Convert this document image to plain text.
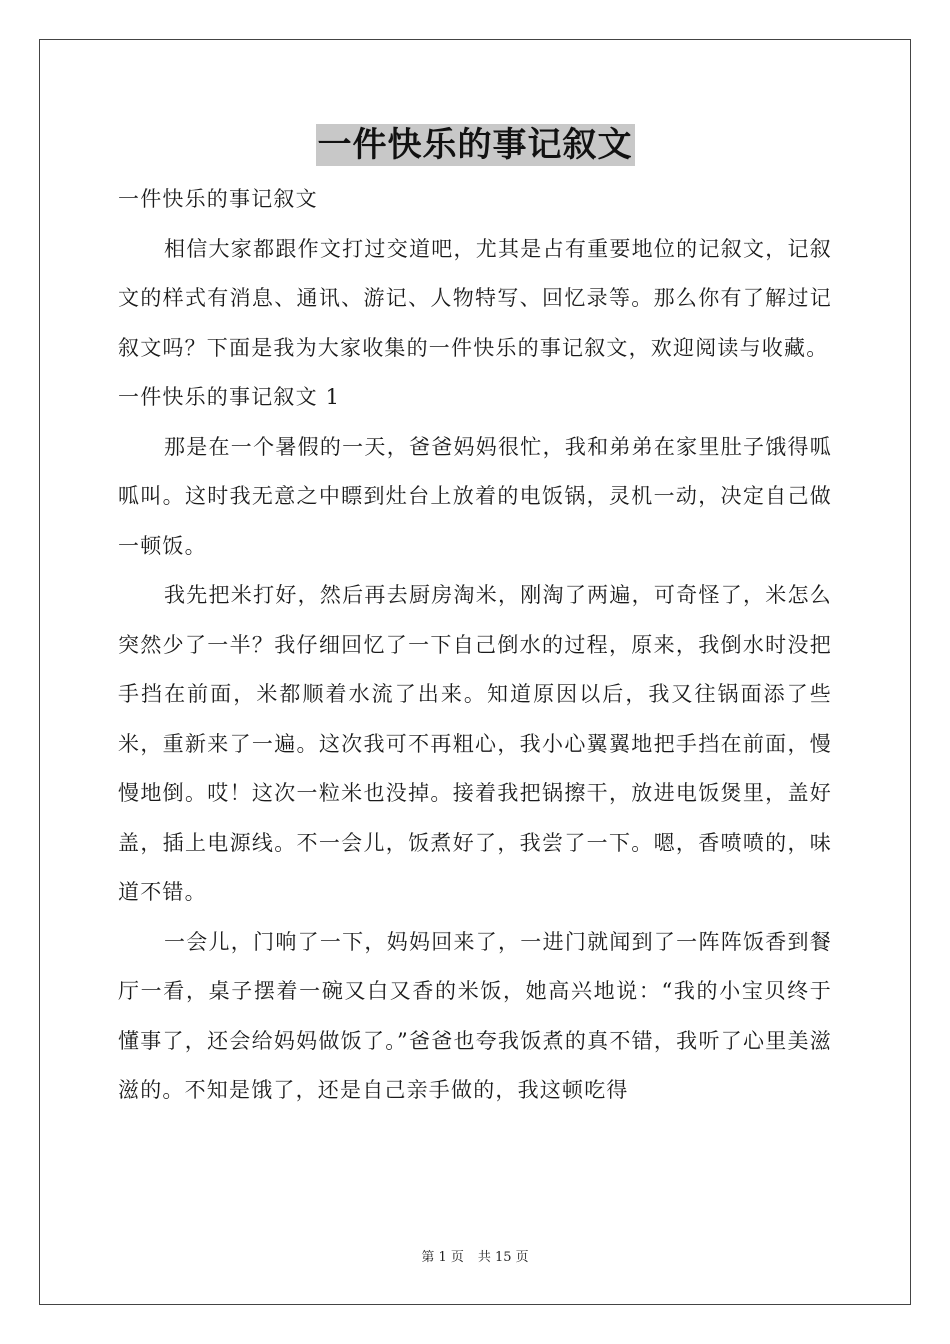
一件快乐的事记叙文

一件快乐的事记叙文

相信大家都跟作文打过交道吧，尤其是占有重要地位的记叙文，记叙文的样式有消息、通讯、游记、人物特写、回忆录等。那么你有了解过记叙文吗？下面是我为大家收集的一件快乐的事记叙文，欢迎阅读与收藏。

一件快乐的事记叙文 1

那是在一个暑假的一天，爸爸妈妈很忙，我和弟弟在家里肚子饿得呱呱叫。这时我无意之中瞟到灶台上放着的电饭锅，灵机一动，决定自己做一顿饭。

我先把米打好，然后再去厨房淘米，刚淘了两遍，可奇怪了，米怎么突然少了一半？我仔细回忆了一下自己倒水的过程，原来，我倒水时没把手挡在前面，米都顺着水流了出来。知道原因以后，我又往锅面添了些米，重新来了一遍。这次我可不再粗心，我小心翼翼地把手挡在前面，慢慢地倒。哎！这次一粒米也没掉。接着我把锅擦干，放进电饭煲里，盖好盖，插上电源线。不一会儿，饭煮好了，我尝了一下。嗯，香喷喷的，味道不错。

一会儿，门响了一下，妈妈回来了，一进门就闻到了一阵阵饭香到餐厅一看，桌子摆着一碗又白又香的米饭，她高兴地说：“我的小宝贝终于懂事了，还会给妈妈做饭了。”爸爸也夸我饭煮的真不错，我听了心里美滋滋的。不知是饿了，还是自己亲手做的，我这顿吃得

第 1 页 共 15 页
